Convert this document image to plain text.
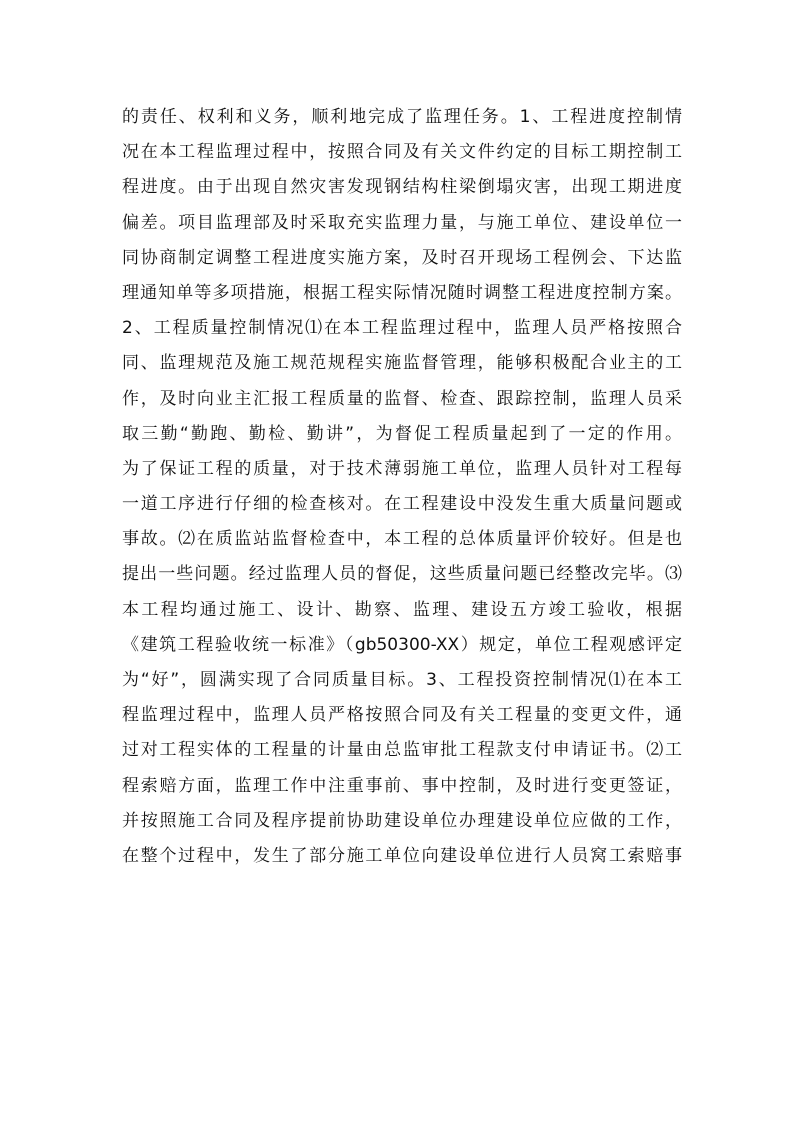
的责任、权利和义务，顺利地完成了监理任务。1、工程进度控制情
况在本工程监理过程中，按照合同及有关文件约定的目标工期控制工
程进度。由于出现自然灾害发现钢结构柱梁倒塌灾害，出现工期进度
偏差。项目监理部及时采取充实监理力量，与施工单位、建设单位一
同协商制定调整工程进度实施方案，及时召开现场工程例会、下达监
理通知单等多项措施，根据工程实际情况随时调整工程进度控制方案。
2、工程质量控制情况⑴在本工程监理过程中，监理人员严格按照合
同、监理规范及施工规范规程实施监督管理，能够积极配合业主的工
作，及时向业主汇报工程质量的监督、检查、跟踪控制，监理人员采
取三勤“勤跑、勤检、勤讲”，为督促工程质量起到了一定的作用。
为了保证工程的质量，对于技术薄弱施工单位，监理人员针对工程每
一道工序进行仔细的检查核对。在工程建设中没发生重大质量问题或
事故。⑵在质监站监督检查中，本工程的总体质量评价较好。但是也
提出一些问题。经过监理人员的督促，这些质量问题已经整改完毕。⑶
本工程均通过施工、设计、勘察、监理、建设五方竣工验收，根据
《建筑工程验收统一标准》（gb50300-XX）规定，单位工程观感评定
为“好”，圆满实现了合同质量目标。3、工程投资控制情况⑴在本工
程监理过程中，监理人员严格按照合同及有关工程量的变更文件，通
过对工程实体的工程量的计量由总监审批工程款支付申请证书。⑵工
程索赔方面，监理工作中注重事前、事中控制，及时进行变更签证，
并按照施工合同及程序提前协助建设单位办理建设单位应做的工作，
在整个过程中，发生了部分施工单位向建设单位进行人员窝工索赔事
